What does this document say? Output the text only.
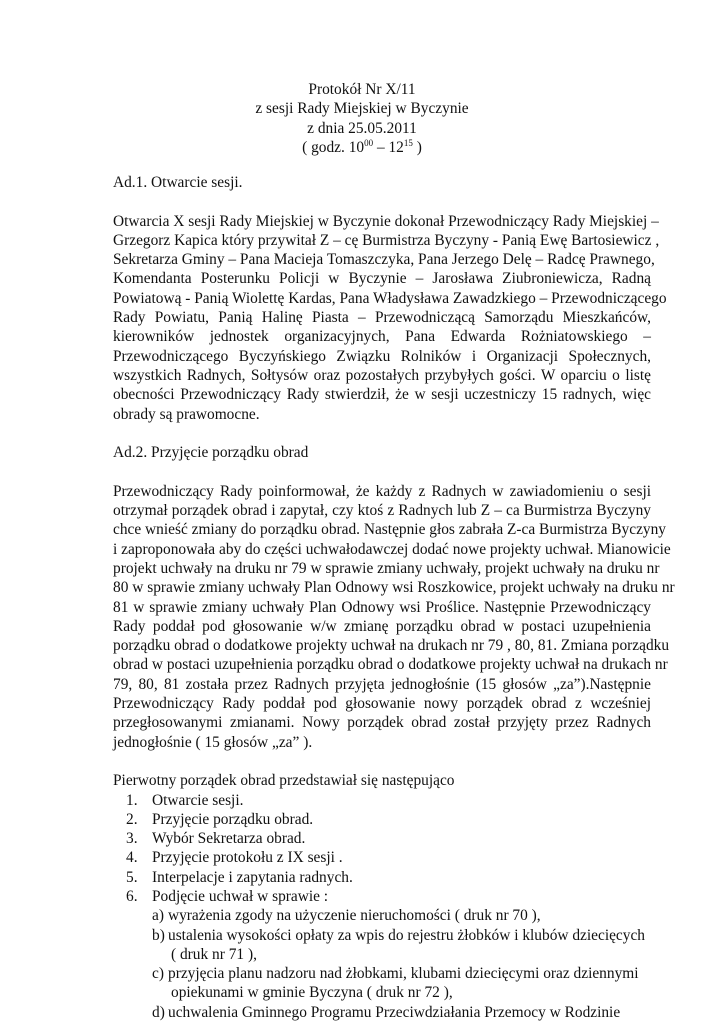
Protokół Nr X/11
z sesji Rady Miejskiej w Byczynie
z dnia 25.05.2011
( godz. $10^{00} - 12^{15}$ )
Ad.1. Otwarcie sesji.

Otwarcia X sesji Rady Miejskiej w Byczynie dokonał Przewodniczący Rady Miejskiej –
Grzegorz Kapica który przywitał Z – cę Burmistrza Byczyny - Panią Ewę Bartosiewicz ,
Sekretarza Gminy – Pana Macieja Tomaszczyka, Pana Jerzego Delę – Radcę Prawnego,
Komendanta Posterunku Policji w Byczynie – Jarosława Ziubroniewicza, Radną
Powiatową - Panią Wiolettę Kardas, Pana Władysława Zawadzkiego – Przewodniczącego
Rady Powiatu, Panią Halinę Piasta – Przewodniczącą Samorządu Mieszkańców,
kierowników jednostek organizacyjnych, Pana Edwarda Rożniatowskiego –
Przewodniczącego Byczyńskiego Związku Rolników i Organizacji Społecznych,
wszystkich Radnych, Sołtysów oraz pozostałych przybyłych gości. W oparciu o listę
obecności Przewodniczący Rady stwierdził, że w sesji uczestniczy 15 radnych, więc
obrady są prawomocne.

Ad.2. Przyjęcie porządku obrad

Przewodniczący Rady poinformował, że każdy z Radnych w zawiadomieniu o sesji
otrzymał porządek obrad i zapytał, czy ktoś z Radnych lub Z – ca Burmistrza Byczyny
chce wnieść zmiany do porządku obrad. Następnie głos zabrała Z-ca Burmistrza Byczyny
i zaproponowała aby do części uchwałodawczej dodać nowe projekty uchwał. Mianowicie
projekt uchwały na druku nr 79 w sprawie zmiany uchwały, projekt uchwały na druku nr
80 w sprawie zmiany uchwały Plan Odnowy wsi Roszkowice, projekt uchwały na druku nr
81 w sprawie zmiany uchwały Plan Odnowy wsi Proślice. Następnie Przewodniczący
Rady poddał pod głosowanie w/w zmianę porządku obrad w postaci uzupełnienia
porządku obrad o dodatkowe projekty uchwał na drukach nr 79 , 80, 81. Zmiana porządku
obrad w postaci uzupełnienia porządku obrad o dodatkowe projekty uchwał na drukach nr
79, 80, 81 została przez Radnych przyjęta jednogłośnie (15 głosów „za”).Następnie
Przewodniczący Rady poddał pod głosowanie nowy porządek obrad z wcześniej
przegłosowanymi zmianami. Nowy porządek obrad został przyjęty przez Radnych
jednogłośnie ( 15 głosów „za” ).

Pierwotny porządek obrad przedstawiał się następująco
1. Otwarcie sesji.
2. Przyjęcie porządku obrad.
3. Wybór Sekretarza obrad.
4. Przyjęcie protokołu z IX sesji .
5. Interpelacje i zapytania radnych.
6. Podjęcie uchwał w sprawie :
a) wyrażenia zgody na użyczenie nieruchomości ( druk nr 70 ),
b) ustalenia wysokości opłaty za wpis do rejestru żłobków i klubów dziecięcych
( druk nr 71 ),
c) przyjęcia planu nadzoru nad żłobkami, klubami dziecięcymi oraz dziennymi
opiekunami w gminie Byczyna ( druk nr 72 ),
d) uchwalenia Gminnego Programu Przeciwdziałania Przemocy w Rodzinie
